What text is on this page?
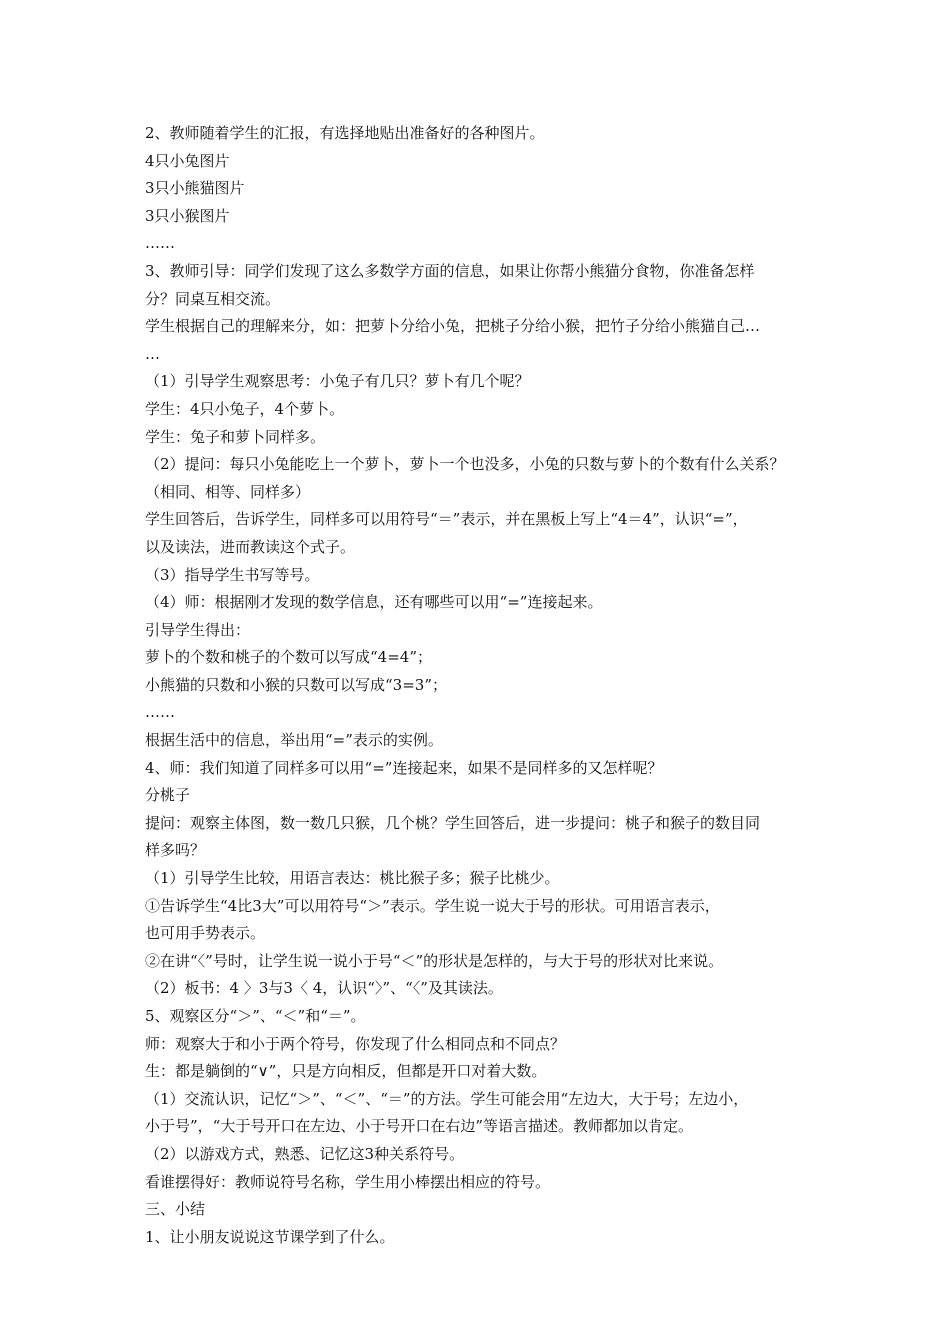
2、教师随着学生的汇报，有选择地贴出准备好的各种图片。
4只小兔图片
3只小熊猫图片
3只小猴图片
……
3、教师引导：同学们发现了这么多数学方面的信息，如果让你帮小熊猫分食物，你准备怎样
分？同桌互相交流。
学生根据自己的理解来分，如：把萝卜分给小兔，把桃子分给小猴，把竹子分给小熊猫自己…
…
（1）引导学生观察思考：小兔子有几只？萝卜有几个呢？
学生：4只小兔子，4个萝卜。
学生：兔子和萝卜同样多。
（2）提问：每只小兔能吃上一个萝卜，萝卜一个也没多，小兔的只数与萝卜的个数有什么关系？
（相同、相等、同样多）
学生回答后，告诉学生，同样多可以用符号“＝”表示，并在黑板上写上“4＝4”，认识“=”，
以及读法，进而教读这个式子。
（3）指导学生书写等号。
（4）师：根据刚才发现的数学信息，还有哪些可以用“=”连接起来。
引导学生得出：
萝卜的个数和桃子的个数可以写成“4=4”；
小熊猫的只数和小猴的只数可以写成“3=3”；
……
根据生活中的信息，举出用“=”表示的实例。
4、师：我们知道了同样多可以用“=”连接起来，如果不是同样多的又怎样呢？
分桃子
提问：观察主体图，数一数几只猴，几个桃？学生回答后，进一步提问：桃子和猴子的数目同
样多吗？
（1）引导学生比较，用语言表达：桃比猴子多；猴子比桃少。
①告诉学生“4比3大”可以用符号“＞”表示。学生说一说大于号的形状。可用语言表示，
也可用手势表示。
②在讲“〈”号时，让学生说一说小于号“＜”的形状是怎样的，与大于号的形状对比来说。
（2）板书：4 〉3与3〈 4，认识“〉”、“〈”及其读法。
5、观察区分“＞”、“＜”和“＝”。
师：观察大于和小于两个符号，你发现了什么相同点和不同点？
生：都是躺倒的“∨”，只是方向相反，但都是开口对着大数。
（1）交流认识，记忆“＞”、“＜”、“＝”的方法。学生可能会用“左边大，大于号；左边小，
小于号”，“大于号开口在左边、小于号开口在右边”等语言描述。教师都加以肯定。
（2）以游戏方式，熟悉、记忆这3种关系符号。
看谁摆得好：教师说符号名称，学生用小棒摆出相应的符号。
三、小结
1、让小朋友说说这节课学到了什么。
